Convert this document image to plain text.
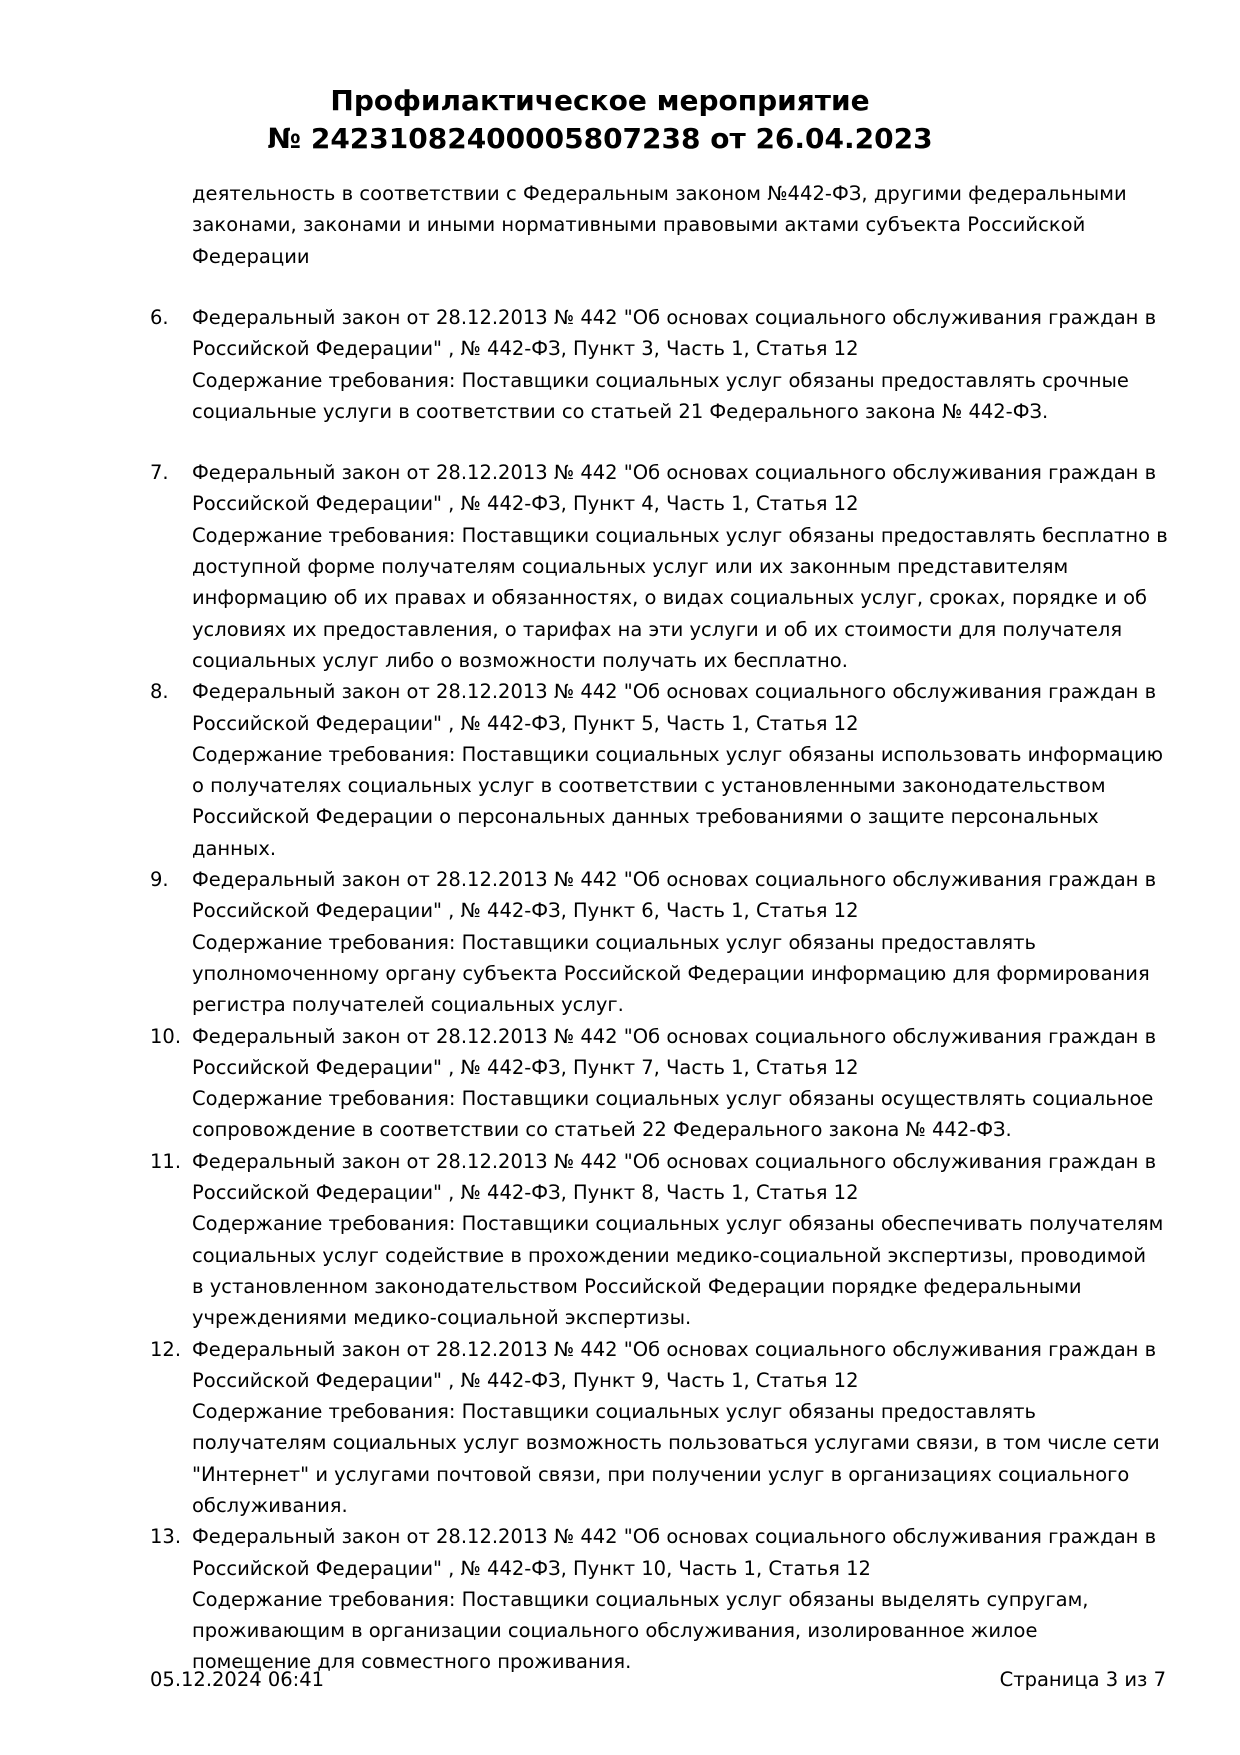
Профилактическое мероприятие
№ 24231082400005807238 от 26.04.2023
деятельность в соответствии с Федеральным законом №442-ФЗ, другими федеральными
законами, законами и иными нормативными правовыми актами субъекта Российской
Федерации
6. Федеральный закон от 28.12.2013 № 442 "Об основах социального обслуживания граждан в
Российской Федерации" , № 442-ФЗ, Пункт 3, Часть 1, Статья 12
Содержание требования: Поставщики социальных услуг обязаны предоставлять срочные
социальные услуги в соответствии со статьей 21 Федерального закона № 442-ФЗ.
7. Федеральный закон от 28.12.2013 № 442 "Об основах социального обслуживания граждан в
Российской Федерации" , № 442-ФЗ, Пункт 4, Часть 1, Статья 12
Содержание требования: Поставщики социальных услуг обязаны предоставлять бесплатно в
доступной форме получателям социальных услуг или их законным представителям
информацию об их правах и обязанностях, о видах социальных услуг, сроках, порядке и об
условиях их предоставления, о тарифах на эти услуги и об их стоимости для получателя
социальных услуг либо о возможности получать их бесплатно.
8. Федеральный закон от 28.12.2013 № 442 "Об основах социального обслуживания граждан в
Российской Федерации" , № 442-ФЗ, Пункт 5, Часть 1, Статья 12
Содержание требования: Поставщики социальных услуг обязаны использовать информацию
о получателях социальных услуг в соответствии с установленными законодательством
Российской Федерации о персональных данных требованиями о защите персональных
данных.
9. Федеральный закон от 28.12.2013 № 442 "Об основах социального обслуживания граждан в
Российской Федерации" , № 442-ФЗ, Пункт 6, Часть 1, Статья 12
Содержание требования: Поставщики социальных услуг обязаны предоставлять
уполномоченному органу субъекта Российской Федерации информацию для формирования
регистра получателей социальных услуг.
10. Федеральный закон от 28.12.2013 № 442 "Об основах социального обслуживания граждан в
Российской Федерации" , № 442-ФЗ, Пункт 7, Часть 1, Статья 12
Содержание требования: Поставщики социальных услуг обязаны осуществлять социальное
сопровождение в соответствии со статьей 22 Федерального закона № 442-ФЗ.
11. Федеральный закон от 28.12.2013 № 442 "Об основах социального обслуживания граждан в
Российской Федерации" , № 442-ФЗ, Пункт 8, Часть 1, Статья 12
Содержание требования: Поставщики социальных услуг обязаны обеспечивать получателям
социальных услуг содействие в прохождении медико-социальной экспертизы, проводимой
в установленном законодательством Российской Федерации порядке федеральными
учреждениями медико-социальной экспертизы.
12. Федеральный закон от 28.12.2013 № 442 "Об основах социального обслуживания граждан в
Российской Федерации" , № 442-ФЗ, Пункт 9, Часть 1, Статья 12
Содержание требования: Поставщики социальных услуг обязаны предоставлять
получателям социальных услуг возможность пользоваться услугами связи, в том числе сети
"Интернет" и услугами почтовой связи, при получении услуг в организациях социального
обслуживания.
13. Федеральный закон от 28.12.2013 № 442 "Об основах социального обслуживания граждан в
Российской Федерации" , № 442-ФЗ, Пункт 10, Часть 1, Статья 12
Содержание требования: Поставщики социальных услуг обязаны выделять супругам,
проживающим в организации социального обслуживания, изолированное жилое
помещение для совместного проживания.
05.12.2024 06:41	Страница 3 из 7
